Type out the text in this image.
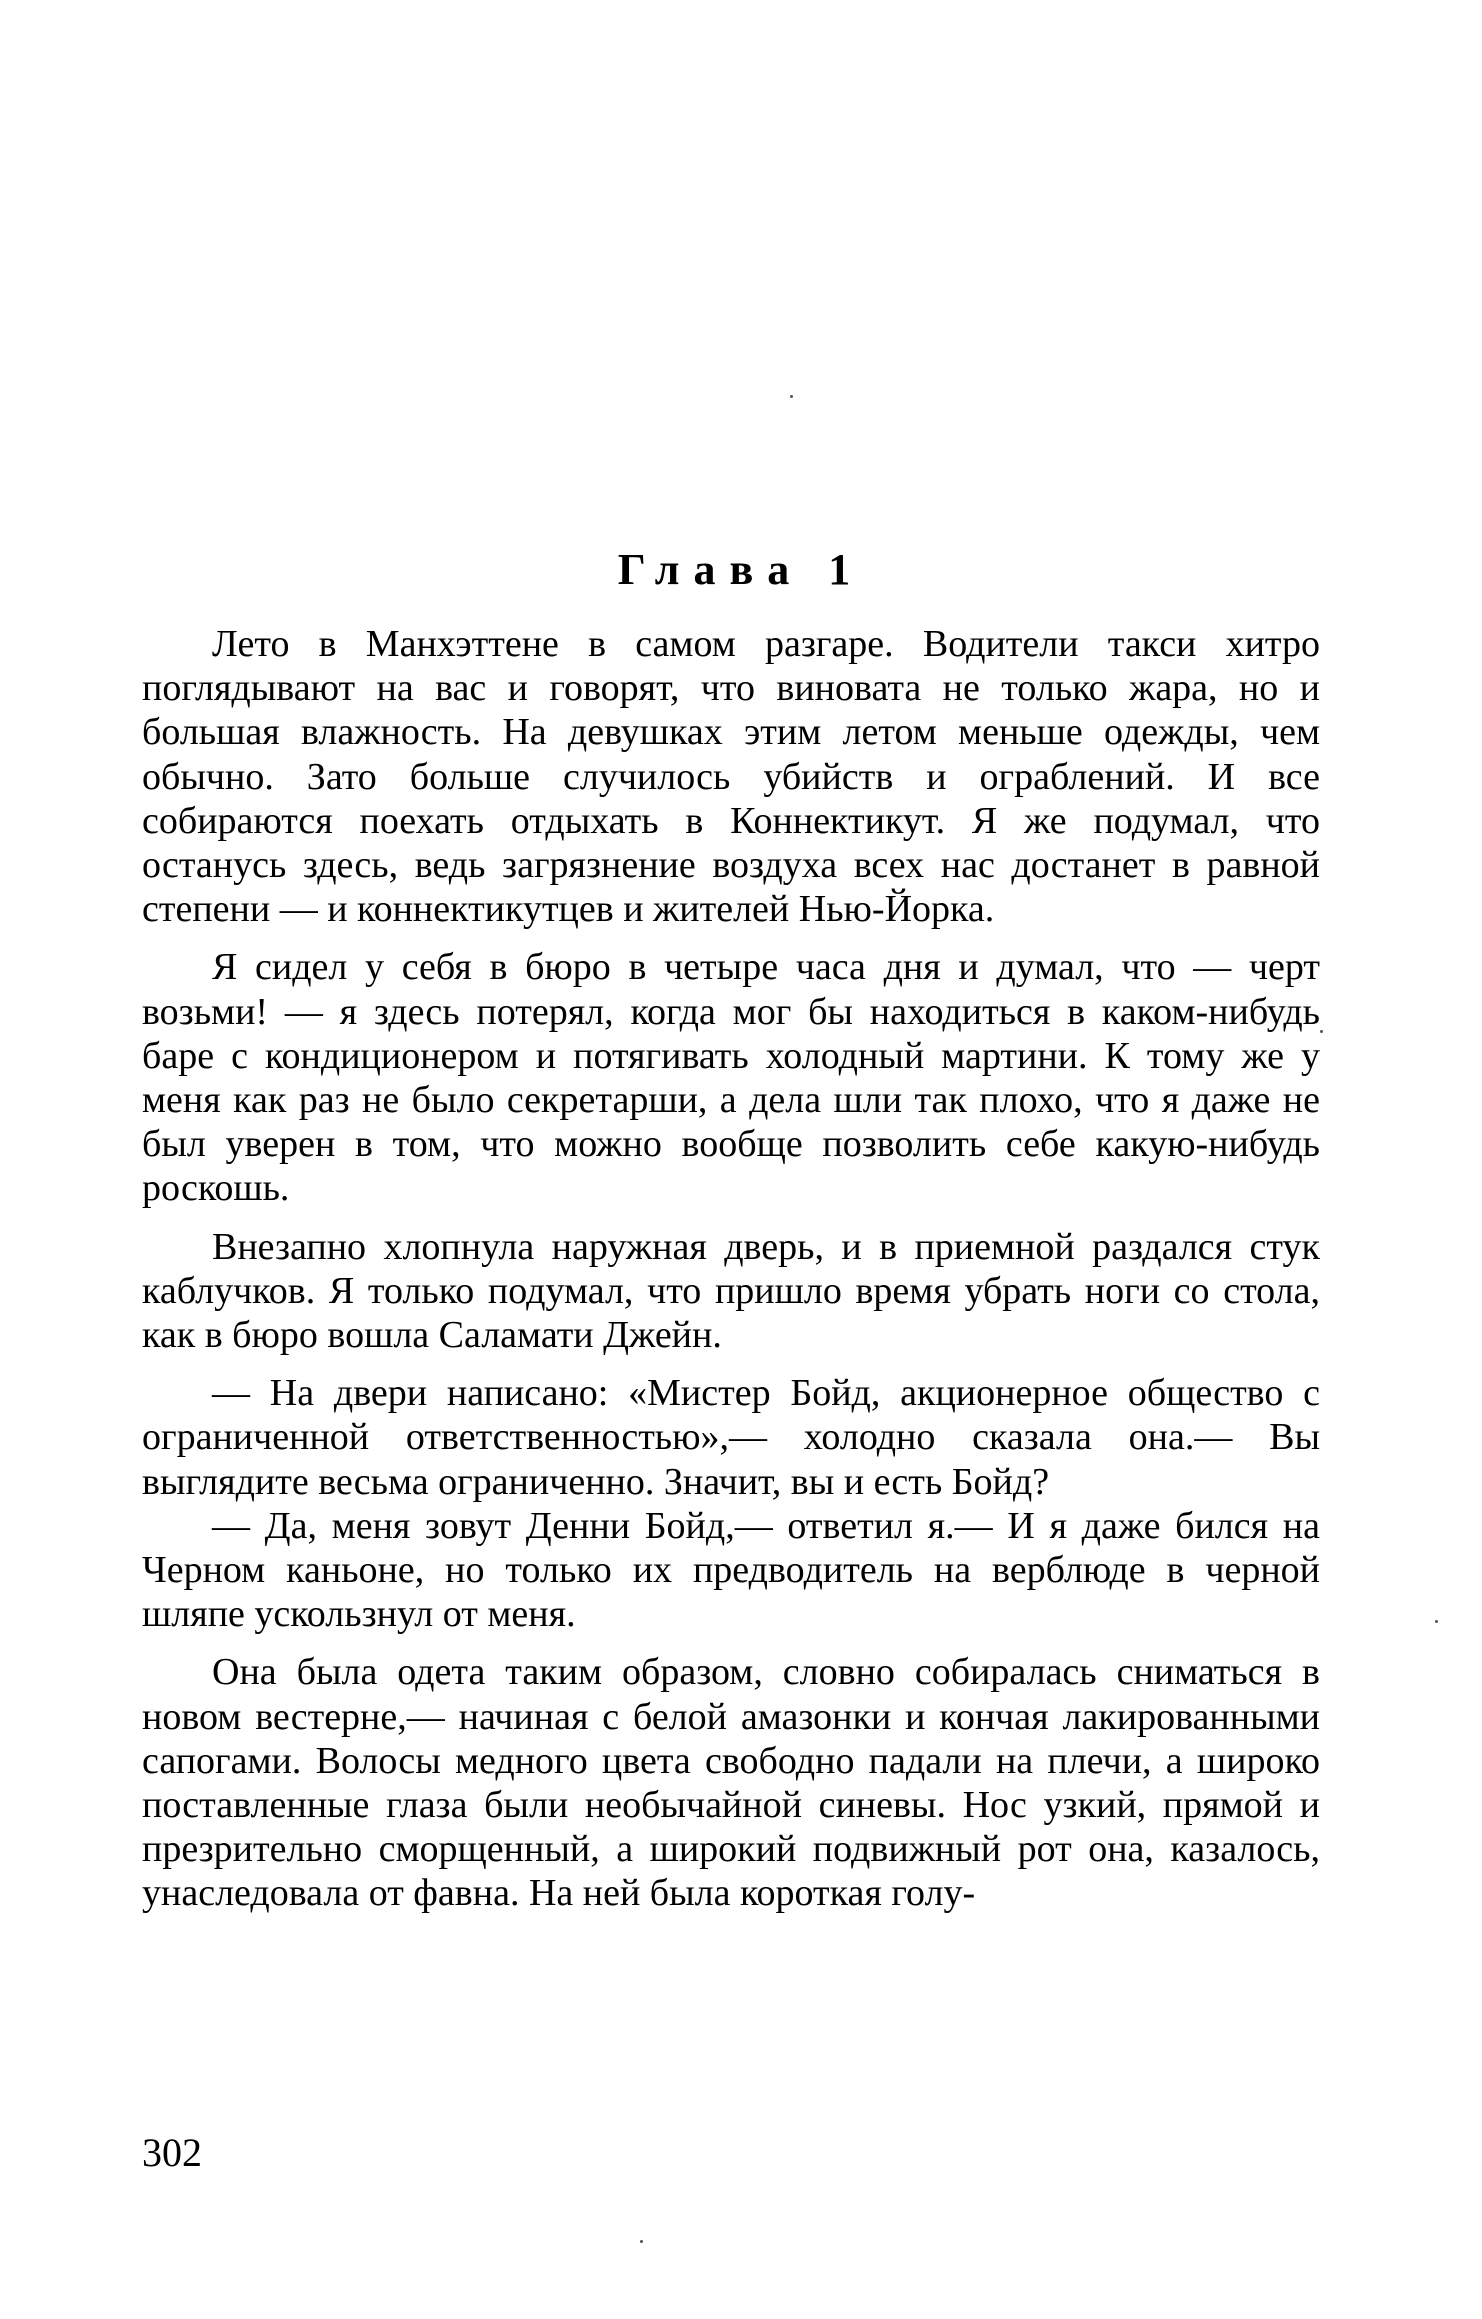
Глава 1

Лето в Манхэттене в самом разгаре. Водители такси хитро поглядывают на вас и говорят, что виновата не только жара, но и большая влажность. На девушках этим летом меньше одежды, чем обычно. Зато больше случилось убийств и ограблений. И все собираются поехать отдыхать в Коннектикут. Я же подумал, что останусь здесь, ведь загрязнение воздуха всех нас достанет в равной степени — и коннектикутцев и жителей Нью-Йорка.

Я сидел у себя в бюро в четыре часа дня и думал, что — черт возьми! — я здесь потерял, когда мог бы находиться в каком-нибудь баре с кондиционером и потягивать холодный мартини. К тому же у меня как раз не было секретарши, а дела шли так плохо, что я даже не был уверен в том, что можно вообще позволить себе какую-нибудь роскошь.

Внезапно хлопнула наружная дверь, и в приемной раздался стук каблучков. Я только подумал, что пришло время убрать ноги со стола, как в бюро вошла Саламати Джейн.

— На двери написано: «Мистер Бойд, акционерное общество с ограниченной ответственностью»,— холодно сказала она.— Вы выглядите весьма ограниченно. Значит, вы и есть Бойд?

— Да, меня зовут Денни Бойд,— ответил я.— И я даже бился на Черном каньоне, но только их предводитель на верблюде в черной шляпе ускользнул от меня.

Она была одета таким образом, словно собиралась сниматься в новом вестерне,— начиная с белой амазонки и кончая лакированными сапогами. Волосы медного цвета свободно падали на плечи, а широко поставленные глаза были необычайной синевы. Нос узкий, прямой и презрительно сморщенный, а широкий подвижный рот она, казалось, унаследовала от фавна. На ней была короткая голу-

302
